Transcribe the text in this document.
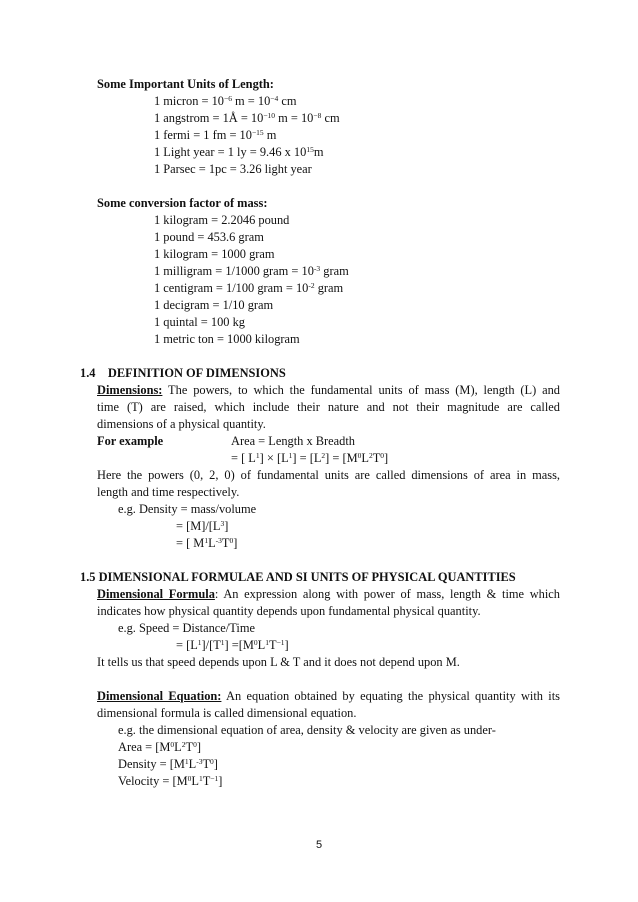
Some Important Units of Length:
1 micron = $10^{-6}$ $m = 10^{-4}$ cm
1 angstrom = 1Å = $10^{-10}$ $m = 10^{-8}$ cm
1 fermi = 1 fm = $10^{-15}$ m
1 Light year = 1 ly = 9.46 x $10^{15}m$
1 Parsec = 1pc = 3.26 light year
Some conversion factor of mass:
1 kilogram = 2.2046 pound
1 pound = 453.6 gram
1 kilogram = 1000 gram
1 milligram = 1/1000 gram = $10^{-3}$ gram
1 centigram = 1/100 gram = $10^{-2}$ gram
1 decigram = 1/10 gram
1 quintal = 100 kg
1 metric ton = 1000 kilogram
1.4    DEFINITION OF DIMENSIONS
Dimensions: The powers, to which the fundamental units of mass (M), length (L) and
time (T) are raised, which include their nature and not their magnitude are called
dimensions of a physical quantity.
For example	Area = Length x Breadth
= [ $L^1] \times [L^1] = [L^2] = [M^0L^2T^0]$
Here the powers (0, 2, 0) of fundamental units are called dimensions of area in mass,
length and time respectively.
e.g. Density = mass/volume
= $[M]/[L^3]$
= [ $M^1L^{-3}T^0$]
1.5 DIMENSIONAL FORMULAE AND SI UNITS OF PHYSICAL QUANTITIES
Dimensional Formula: An expression along with power of mass, length & time which
indicates how physical quantity depends upon fundamental physical quantity.
e.g. Speed = Distance/Time
= $[L^1]/[T^1] =[M^0L^1T^{-1}]$
It tells us that speed depends upon L & T and it does not depend upon M.
Dimensional Equation: An equation obtained by equating the physical quantity with its
dimensional formula is called dimensional equation.
e.g. the dimensional equation of area, density & velocity are given as under-
Area = $[M^0L^2T^0]$
Density = $[M^1L^{-3}T^0]$
Velocity = $[M^0L^1T^{-1}]$
5
